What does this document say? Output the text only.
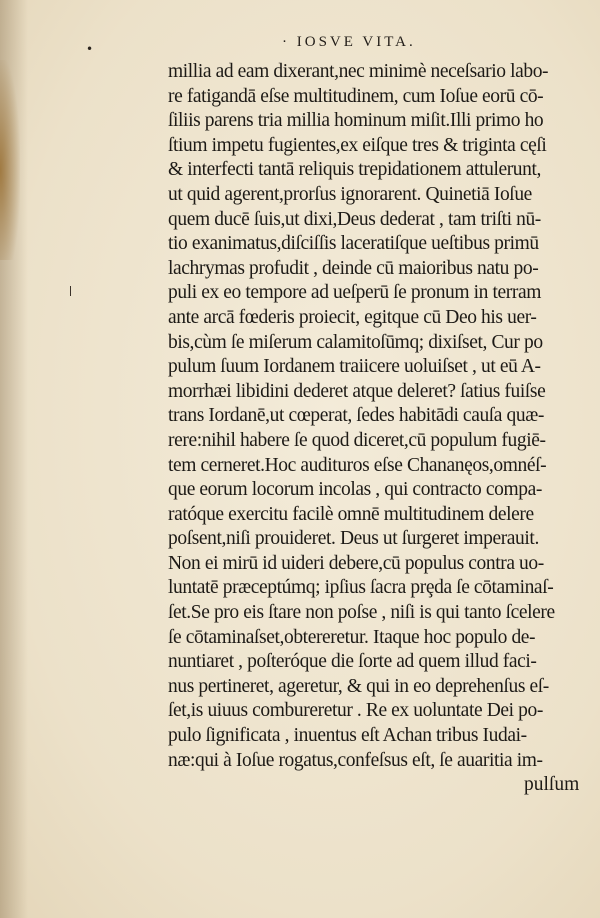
•	· IOSVE VITA.
millia ad eam dixerant,nec minimè neceſsario labo-
re fatigandā eſse multitudinem, cum Ioſue eorū cō-
ſiliis parens tria millia hominum miſit.Illi primo ho
ſtium impetu fugientes,ex eiſque tres & triginta cęſi
& interfecti tantā reliquis trepidationem attulerunt,
ut quid agerent,prorſus ignorarent. Quinetiā Ioſue
quem ducē ſuis,ut dixi,Deus dederat , tam triſti nū-
tio exanimatus,diſciſſis laceratiſque ueſtibus primū
lachrymas profudit , deinde cū maioribus natu po-
puli ex eo tempore ad ueſperū ſe pronum in terram
ante arcā fœderis proiecit, egitque cū Deo his uer-
bis,cùm ſe miſerum calamitoſūmq; dixiſset, Cur po
pulum ſuum Iordanem traiicere uoluiſset , ut eū A-
morrhæi libidini dederet atque deleret? ſatius fuiſse
trans Iordanē,ut cœperat, ſedes habitādi cauſa quæ-
rere:nihil habere ſe quod diceret,cū populum fugiē-
tem cerneret.Hoc audituros eſse Chananęos,omnéſ-
que eorum locorum incolas , qui contracto compa-
ratóque exercitu facilè omnē multitudinem delere
poſsent,niſi prouideret. Deus ut ſurgeret imperauit.
Non ei mirū id uideri debere,cū populus contra uo-
luntatē præceptúmq; ipſius ſacra prȩda ſe cōtaminaſ-
ſet.Se pro eis ſtare non poſse , niſi is qui tanto ſcelere
ſe cōtaminaſset,obtereretur. Itaque hoc populo de-
nuntiaret , poſteróque die ſorte ad quem illud faci-
nus pertineret, ageretur, & qui in eo deprehenſus eſ-
ſet,is uiuus combureretur . Re ex uoluntate Dei po-
pulo ſignificata , inuentus eſt Achan tribus Iudai-
næ:qui à Ioſue rogatus,confeſsus eſt, ſe auaritia im-
pulſum
